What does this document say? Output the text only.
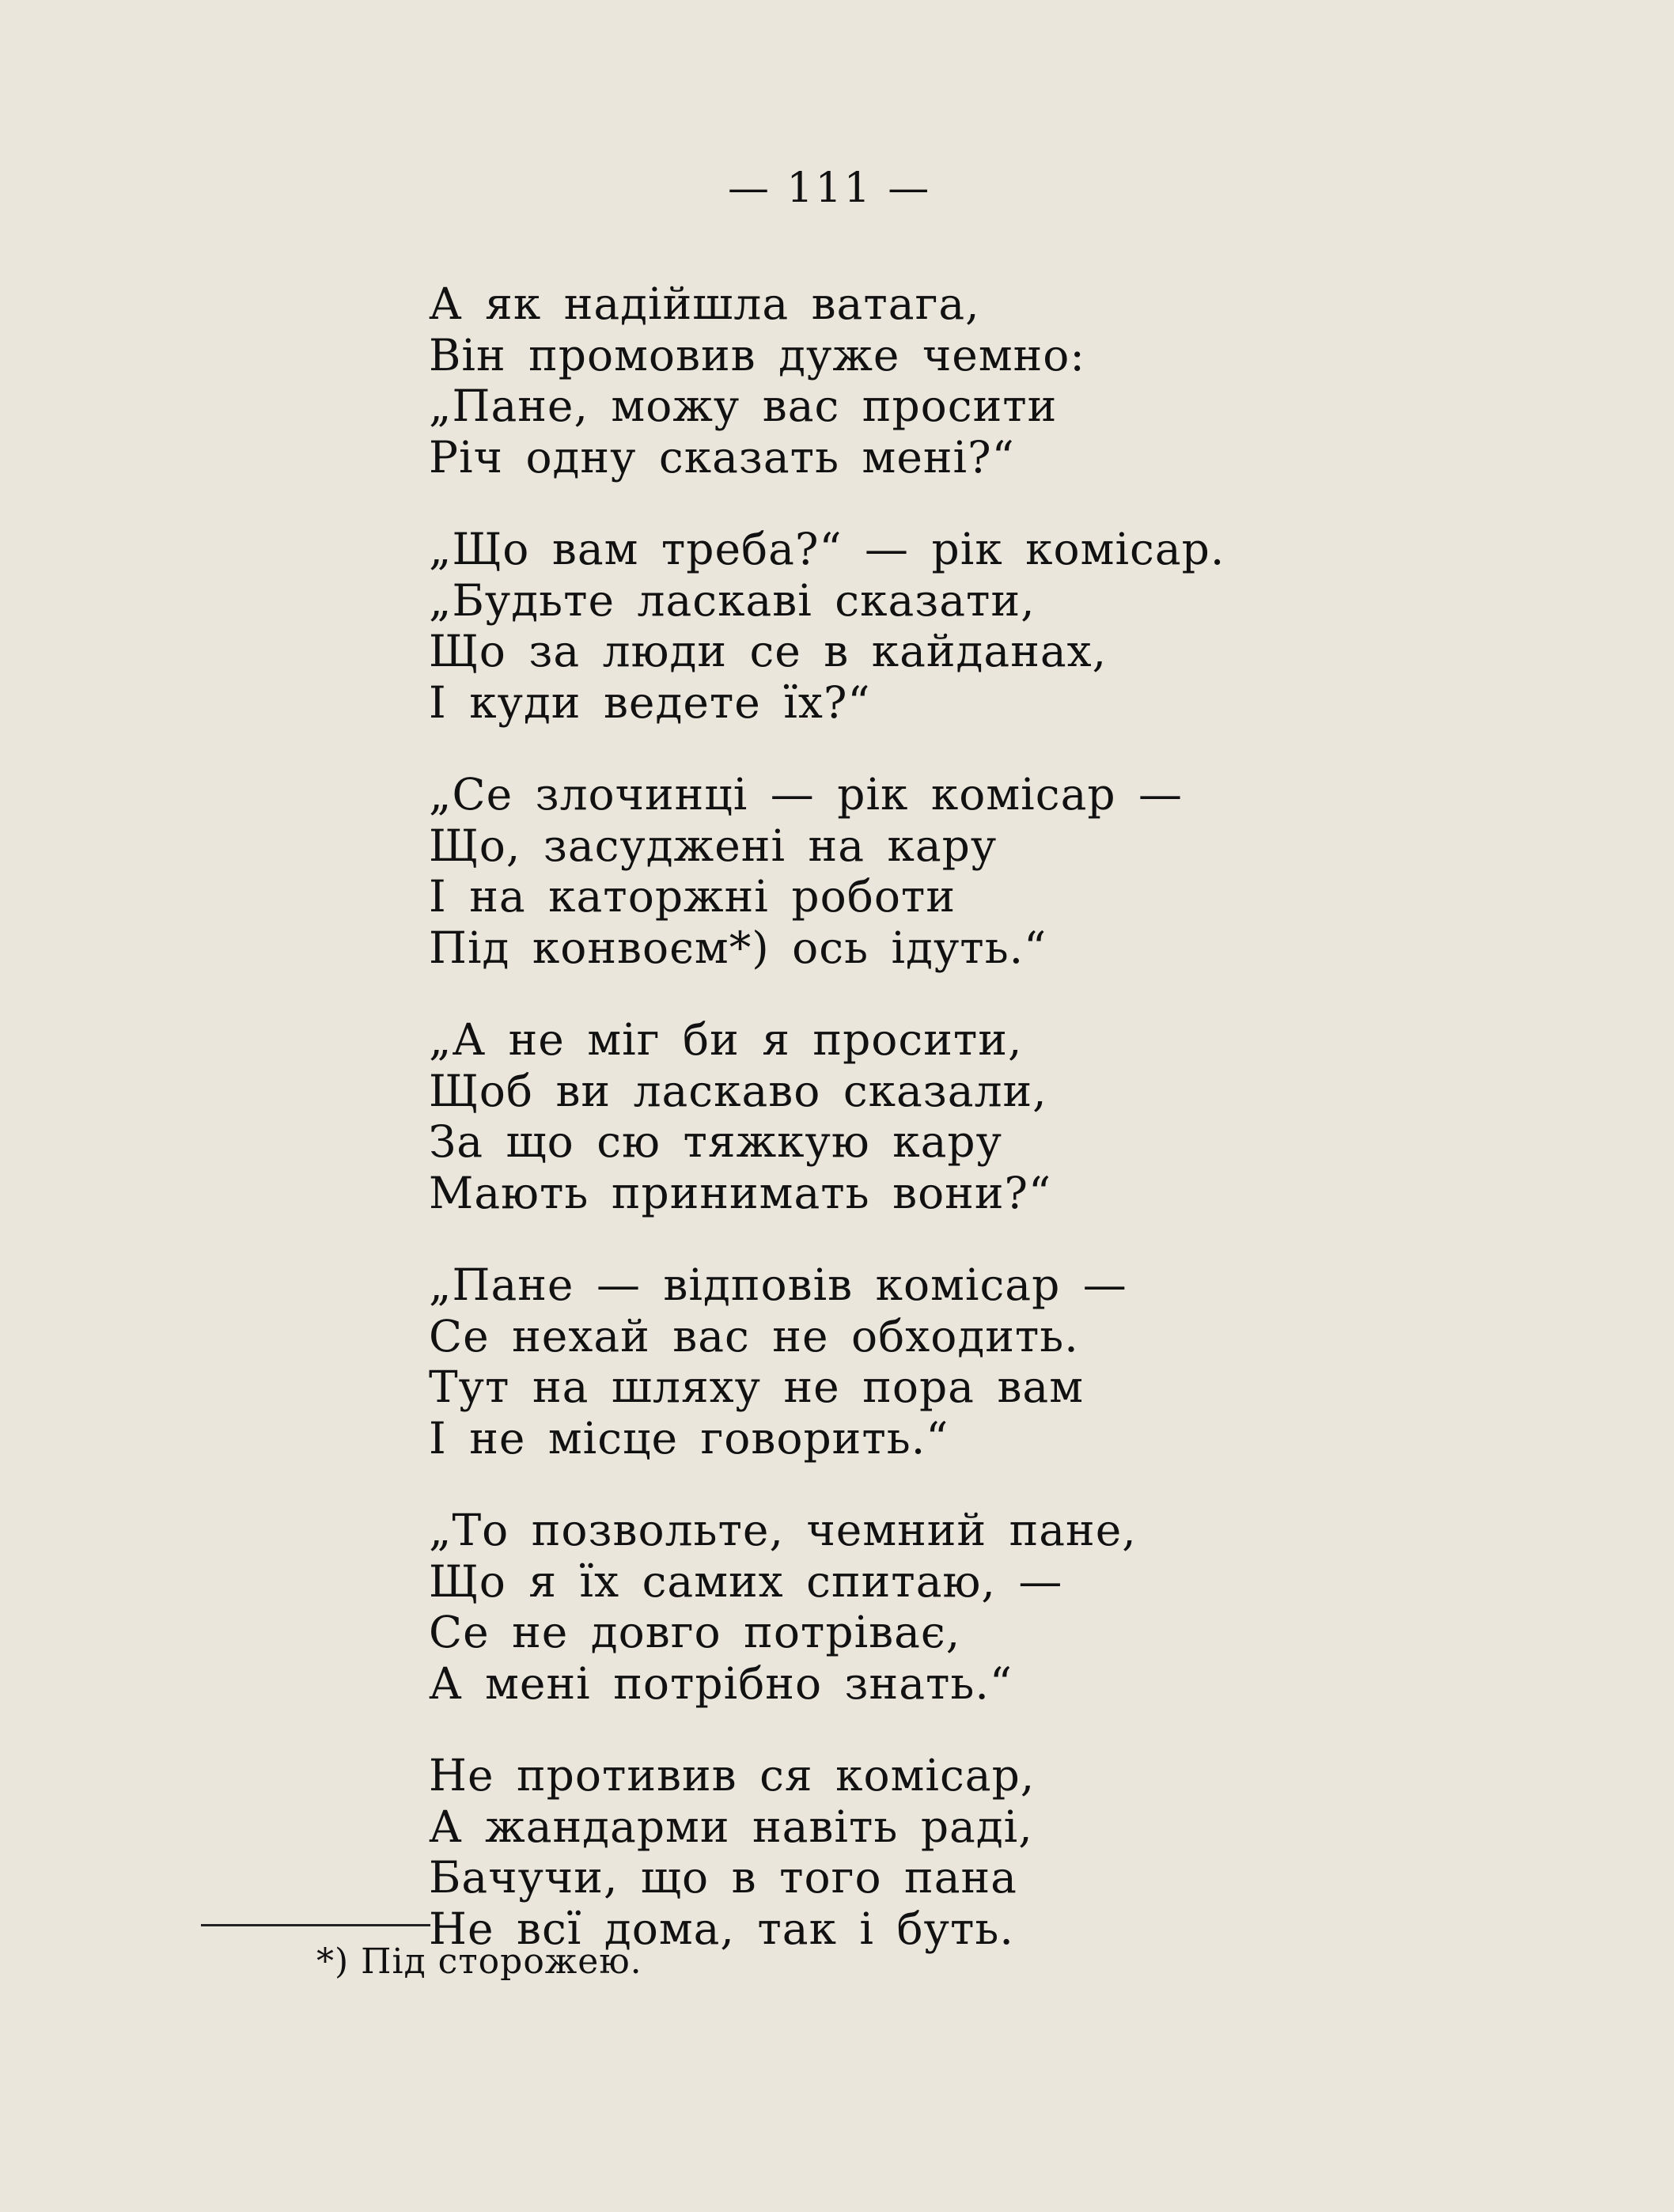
— 111 —
А як надійшла ватага,
Він промовив дуже чемно:
„Пане, можу вас просити
Річ одну сказать мені?“
„Що вам треба?“ — рік комісар.
„Будьте ласкаві сказати,
Що за люди се в кайданах,
І куди ведете їх?“
„Се злочинці — рік комісар —
Що, засуджені на кару
І на каторжні роботи
Під конвоєм*) ось ідуть.“
„А не міг би я просити,
Щоб ви ласкаво сказали,
За що сю тяжкую кару
Мають принимать вони?“
„Пане — відповів комісар —
Се нехай вас не обходить.
Тут на шляху не пора вам
І не місце говорить.“
„То позвольте, чемний пане,
Що я їх самих спитаю, —
Се не довго потріває,
А мені потрібно знать.“
Не противив ся комісар,
А жандарми навіть раді,
Бачучи, що в того пана
Не всї дома, так і буть.
*) Під сторожею.
